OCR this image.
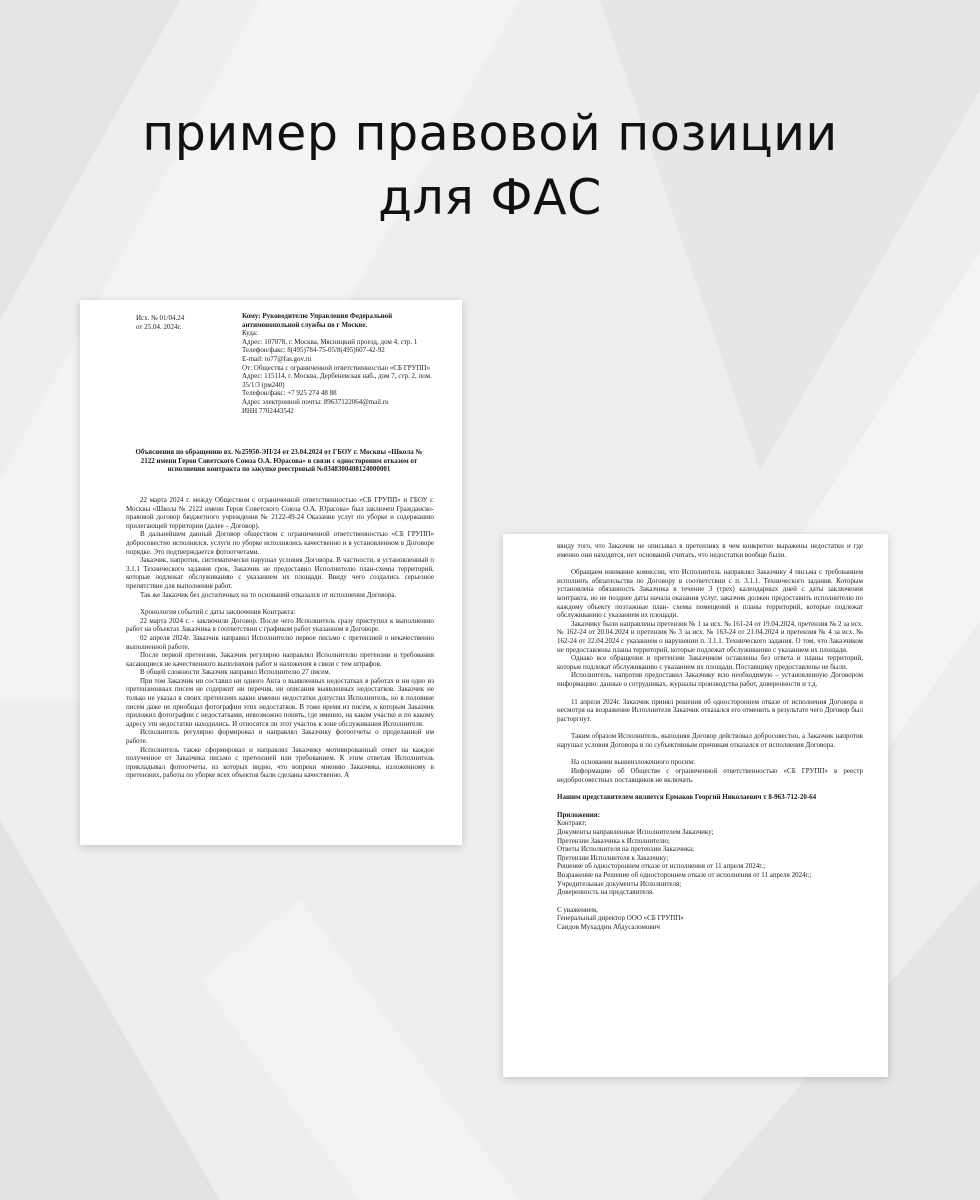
пример правовой позиции
для ФАС
Исх. № 01/04.24
от 25.04. 2024г.
Кому: Руководителю Управления Федеральной антимонопольной службы по г Москве.
Куда:
Адрес: 107078, г. Москва, Мясницкий проезд, дом 4, стр. 1
Телефон/факс: 8(495)784-75-05/8(495)607-42-92
E-mail: to77@fas.gov.ru
От: Общества с ограниченной ответственностью «СБ ГРУПП»
Адрес: 115114, г. Москва, Дербеневская наб., дом 7, стр. 2, пом. 35/1/3 (рм240)
Телефон/факс: +7 925 274 48 88
Адрес электронной почты: 89637122064@mail.ru
ИНН 7702443542
Объяснения по обращению вх. №25950-ЭП/24 от 23.04.2024 от ГБОУ г. Москвы «Школа № 2122 имени Героя Советского Союза О.А. Юрасова» в связи с одностороним отказом от исполнения контракта по закупке реестровый №0348300408124000001

22 марта 2024 г. между Обществом с ограниченной ответственностью «СБ ГРУПП» и ГБОУ г. Москвы «Школа № 2122 имени Героя Советского Союза О.А. Юрасова» был заключен Гражданско-правовой договор бюджетного учреждения № 2122-49-24 Оказание услуг по уборке и содержанию прилегающей территории (далее – Договор).

В дальнейшем данный Договор обществом с ограниченной ответственностью «СБ ГРУПП» добросовестно исполнялся, услуги по уборке исполнялись качественно и в установленном в Договоре порядке. Это подтверждается фотоотчетами.

Заказчик, напротив, систематически нарушал условия Договора. В частности, в установленный п 3.1.1 Технического задания срок, Заказчик не предоставил Исполнителю план-схемы территорий, которые подлежат обслуживанию с указанием их площади. Ввиду чего создались серьезное препятствие для выполнения работ.

Так же Заказчик без достаточных на то оснований отказался от исполнения Договора.

Хронология событий с даты заключения Контракта:

22 марта 2024 г. - заключили Договор. После чего Исполнитель сразу приступил к выполнению работ на объектах Заказчика в соответствии с графиком работ указанном в Договоре.

02 апреля 2024г. Заказчик направил Исполнителю первое письмо с претензией о некачественно выполненной работе.

После первой претензии, Заказчик регулярно направлял Исполнителю претензии и требования касающиеся не качественного выполнения работ и наложения в связи с тем штрафов.

В общей сложности Заказчик направил Исполнителю 27 писем.

При том Заказчик ни составил ни одного Акта о выявленных недостатках в работах и ни одно из претензионных писем не содержит ни перечня, ни описания выявленных недостатков. Заказчик не только не указал в своих претензиях какие именно недостатки допустил Исполнитель, но в половине писем даже не приобщал фотографии этих недостатков. В тоже время из писем, к которым Заказчик приложил фотографии с недостатками, невозможно понять, где именно, на каком участке и по какому адресу эти недостатки находились. И относятся ли этот участок к зоне обслуживания Исполнителя.

Исполнитель регулярно формировал и направлял Заказчику фотоотчеты о проделанной им работе.

Исполнитель также сформировал и направлял Заказчику мотивированный ответ на каждое полученное от Заказчика письмо с претензией или требованием. К этим ответам Исполнитель прикладывал фотоотчеты, из которых видно, что вопреки мнению Заказчика, изложенному в претензиях, работы по уборке всех объектов были сделаны качественно. А

ввиду того, что Заказчик не описывал в претензиях в чем конкретно выражены недостатки и где именно они находятся, нет оснований считать, что недостатки вообще были.

Обращаем внимание комиссии, что Исполнитель направлял Заказчику 4 письма с требованием исполнить обязательства по Договору в соответствии с п. 3.1.1. Технического задания. Которым установлена обязанность Заказчика в течение 3 (трех) календарных дней с даты заключения контракта, но не позднее даты начала оказания услуг, заказчик должен предоставить исполнителю по каждому объекту поэтажные план- схемы помещений и планы территорий, которые подлежат обслуживанию с указанием их площади.

Заказчику были направлены претензия № 1 за исх. № 161-24 от 19.04.2024, претензия № 2 за исх. № 162-24 от 20.04.2024 и претензия № 3 за исх. № 163-24 от 21.04.2024 и претензия № 4 за исх. № 162-24 от 22.04.2024 с указанием о нарушении п. 3.1.1. Технического задания. О том, что Заказчиком не предоставлены планы территорий, которые подлежат обслуживанию с указанием их площади.

Однако все обращения и претензии Заказчиком оставлены без ответа и планы территорий, которые подлежат обслуживанию с указанием их площади, Поставщику предоставлены не были.

Исполнитель, напротив предоставил Заказчику всю необходимую – установленную Договором информацию: данные о сотрудниках, журналы производства работ, доверенности и т.д.

11 апреля 2024г. Заказчик принял решения об одностороннем отказе от исполнения Договора и несмотря на возражение Исполнителя Заказчик отказался его отменить в результате чего Договор был расторгнут.

Таким образом Исполнитель, выполняя Договор действовал добросовестно, а Заказчик напротив нарушал условия Договора и по субъективным причинам отказался от исполнения Договора.

На основании вышеизложенного просим:

Информацию об Обществе с ограниченной ответственностью «СБ ГРУПП» в реестр недобросовестных поставщиков не включать.

Нашим представителем является Ермаков Георгий Николаевич т 8-963-712-20-64

Приложения:

Контракт;

Документы направленные Исполнителем Заказчику;

Претензии Заказчика к Исполнителю;

Ответы Исполнителя на претензии Заказчика;

Претензии Исполнителя к Заказчику;

Решение об одностороннем отказе от исполнения от 11 апреля 2024г.;

Возражение на Решение об одностороннем отказе от исполнения от 11 апреля 2024г.;

Учредительные документы Исполнителя;

Доверенность на представителя.

С уважением,

Генеральный директор ООО «СБ ГРУПП»

Саидов Мухаддин Абдусаломович
